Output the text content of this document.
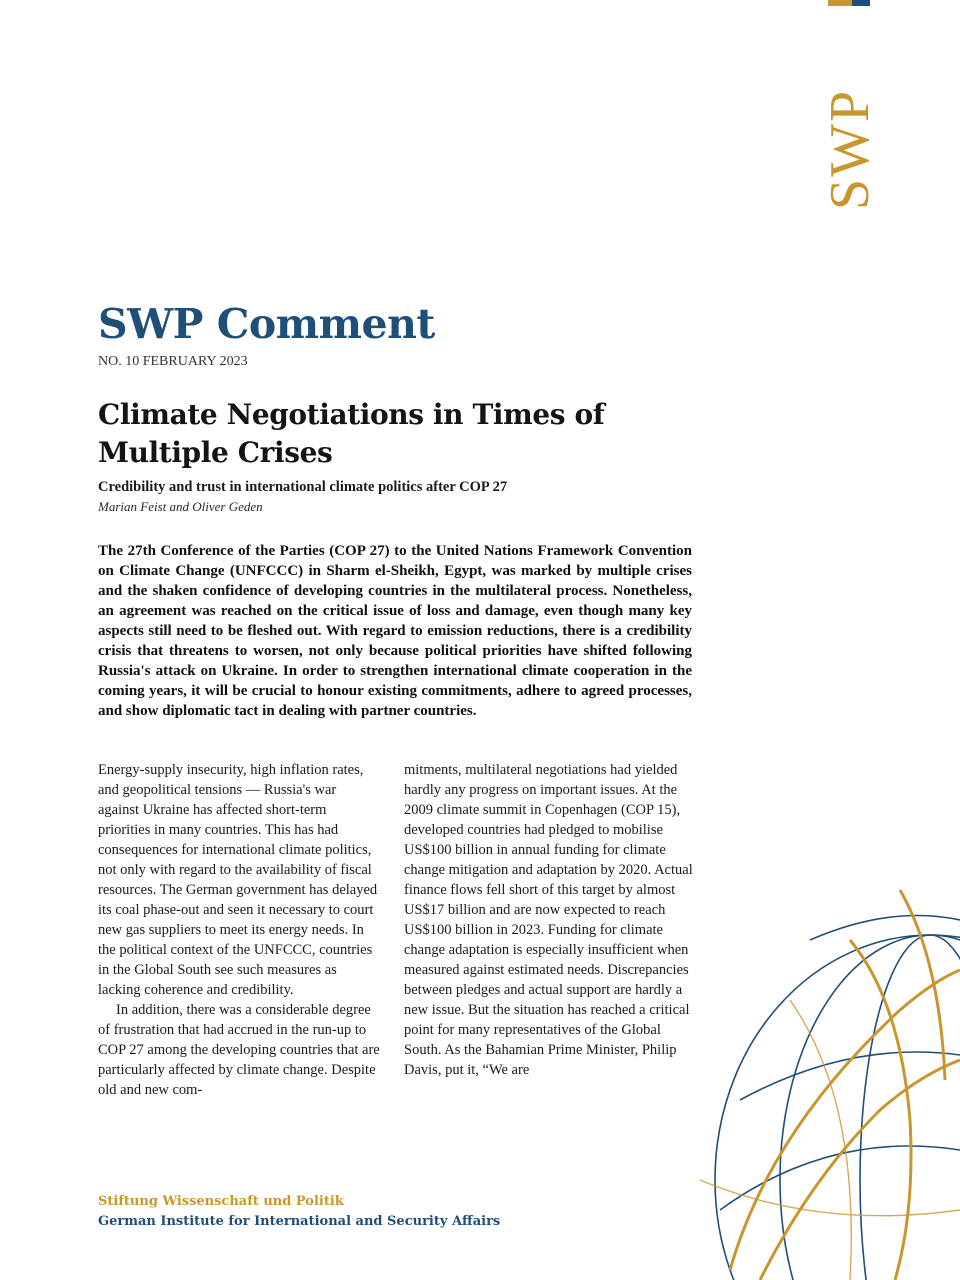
SWP
SWP Comment
NO. 10 FEBRUARY 2023
Climate Negotiations in Times of Multiple Crises
Credibility and trust in international climate politics after COP 27
Marian Feist and Oliver Geden

The 27th Conference of the Parties (COP 27) to the United Nations Framework Convention on Climate Change (UNFCCC) in Sharm el-Sheikh, Egypt, was marked by multiple crises and the shaken confidence of developing countries in the multilateral process. Nonetheless, an agreement was reached on the critical issue of loss and damage, even though many key aspects still need to be fleshed out. With regard to emission reductions, there is a credibility crisis that threatens to worsen, not only because political priorities have shifted following Russia's attack on Ukraine. In order to strengthen international climate cooperation in the coming years, it will be crucial to honour existing commitments, adhere to agreed processes, and show diplomatic tact in dealing with partner countries.

Energy-supply insecurity, high inflation rates, and geopolitical tensions — Russia's war against Ukraine has affected short-term priorities in many countries. This has had consequences for international climate politics, not only with regard to the availability of fiscal resources. The German government has delayed its coal phase-out and seen it necessary to court new gas suppliers to meet its energy needs. In the political context of the UNFCCC, countries in the Global South see such measures as lacking coherence and credibility.

In addition, there was a considerable degree of frustration that had accrued in the run-up to COP 27 among the developing countries that are particularly affected by climate change. Despite old and new com-

mitments, multilateral negotiations had yielded hardly any progress on important issues. At the 2009 climate summit in Copenhagen (COP 15), developed countries had pledged to mobilise US$100 billion in annual funding for climate change mitigation and adaptation by 2020. Actual finance flows fell short of this target by almost US$17 billion and are now expected to reach US$100 billion in 2023. Funding for climate change adaptation is especially insufficient when measured against estimated needs. Discrepancies between pledges and actual support are hardly a new issue. But the situation has reached a critical point for many representatives of the Global South. As the Bahamian Prime Minister, Philip Davis, put it, “We are

Stiftung Wissenschaft und Politik
German Institute for International and Security Affairs
